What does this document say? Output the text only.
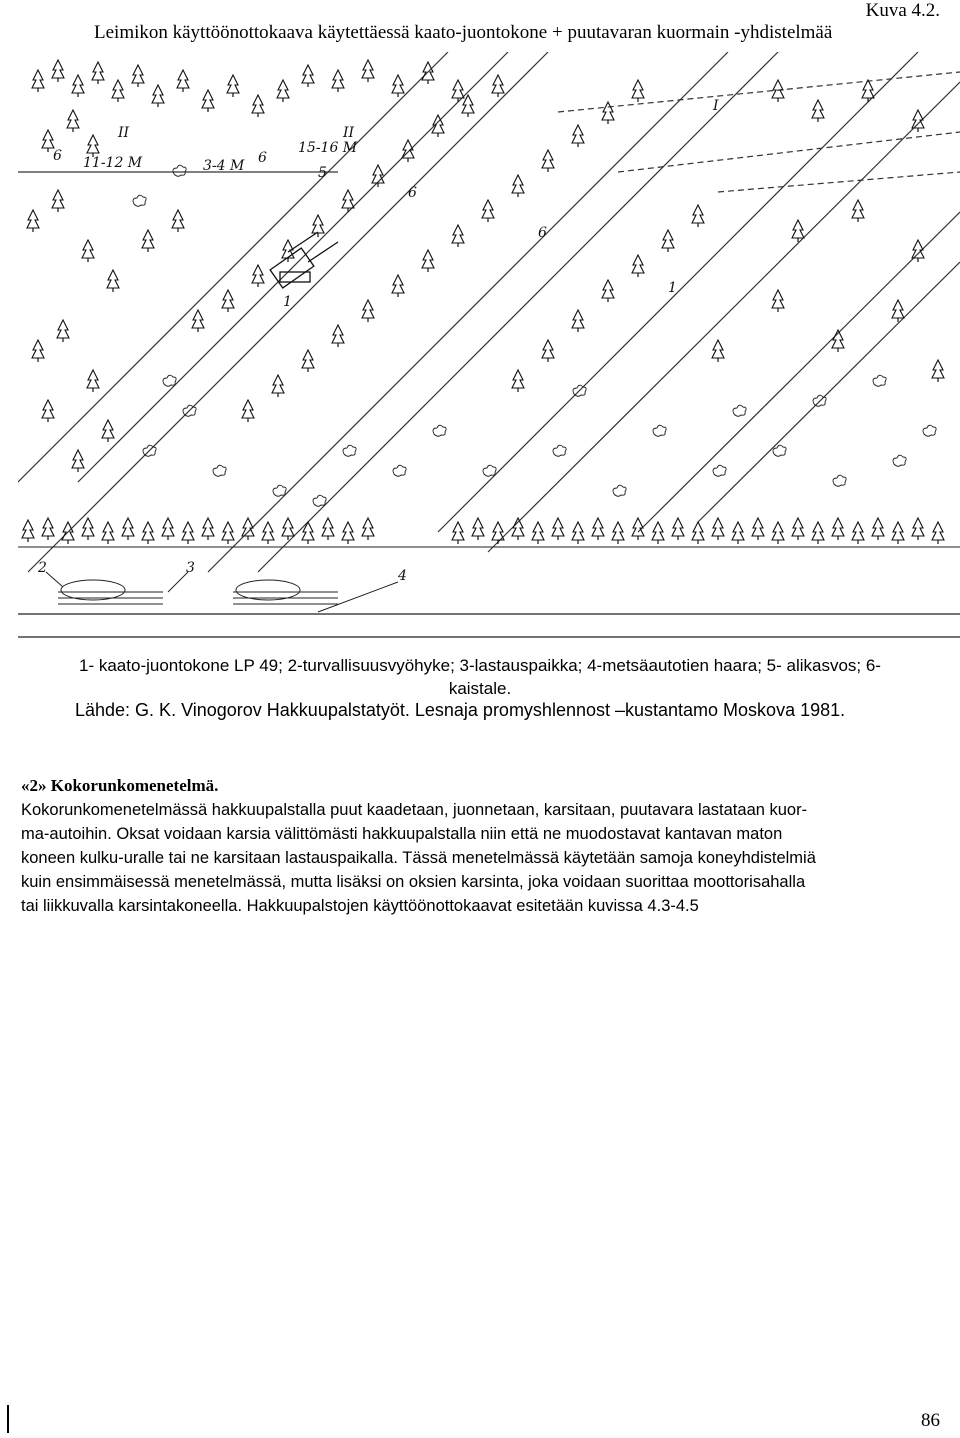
Kuva 4.2.
Leimikon käyttöönottokaava käytettäessä kaato-juontokone + puutavaran kuormain -yhdistelmää
1
1
2	3	4
5
6	6
6
6
I
II	II
11-12 M	3-4 M
15-16 M
1- kaato-juontokone LP 49; 2-turvallisuusvyöhyke; 3-lastauspaikka; 4-metsäautotien haara; 5- alikasvos; 6-
kaistale.
Lähde: G. K. Vinogorov Hakkuupalstatyöt. Lesnaja promyshlennost –kustantamo Moskova 1981.
«2» Kokorunkomenetelmä.
Kokorunkomenetelmässä hakkuupalstalla puut kaadetaan, juonnetaan, karsitaan, puutavara lastataan kuor-
ma-autoihin. Oksat voidaan karsia välittömästi hakkuupalstalla niin että ne muodostavat kantavan maton
koneen kulku-uralle tai ne karsitaan lastauspaikalla. Tässä menetelmässä käytetään samoja koneyhdistelmiä
kuin ensimmäisessä menetelmässä, mutta lisäksi on oksien karsinta, joka voidaan suorittaa moottorisahalla
tai liikkuvalla karsintakoneella. Hakkuupalstojen käyttöönottokaavat esitetään kuvissa 4.3-4.5
86
